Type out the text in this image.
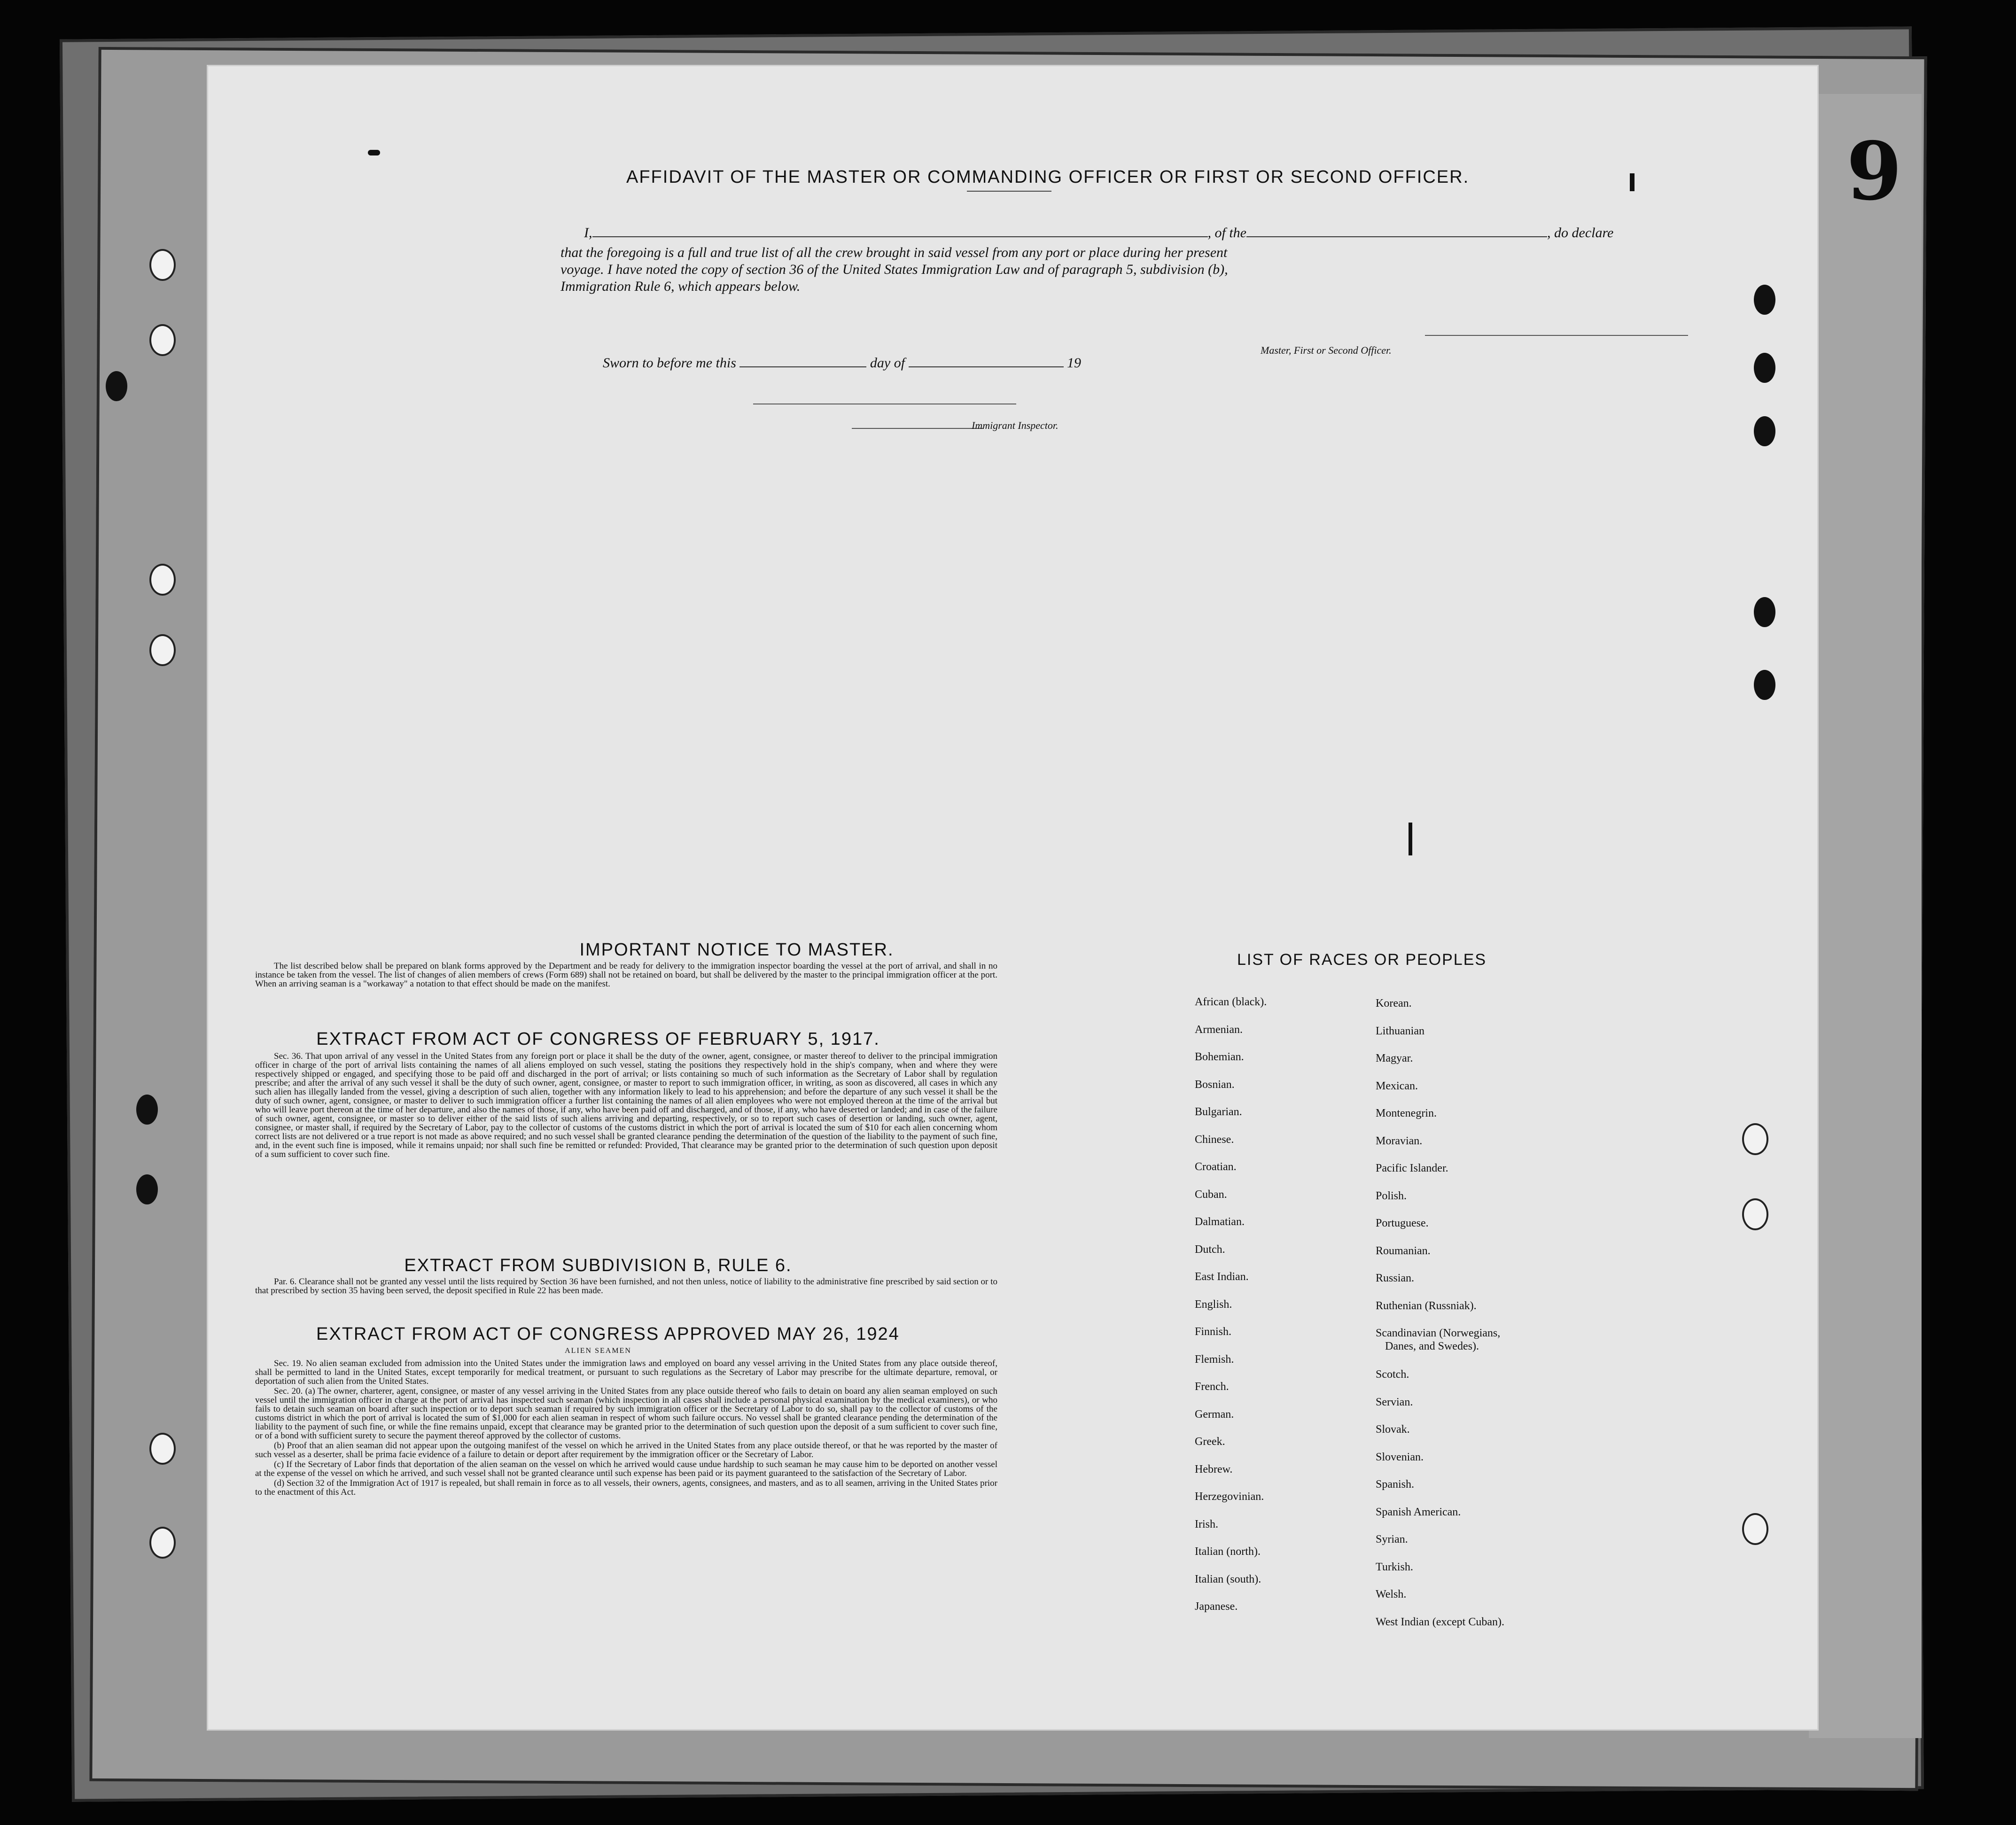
9
AFFIDAVIT OF THE MASTER OR COMMANDING OFFICER OR FIRST OR SECOND OFFICER.
I,	, of the	, do declare
that the foregoing is a full and true list of all the crew brought in said vessel from any port or place during her present
voyage. I have noted the copy of section 36 of the United States Immigration Law and of paragraph 5, subdivision (b),
Immigration Rule 6, which appears below.
Master, First or Second Officer.
Sworn to before me this	day of	19
Immigrant Inspector.
IMPORTANT NOTICE TO MASTER.

The list described below shall be prepared on blank forms approved by the Department and be ready for delivery to the immigration inspector boarding the vessel at the port of arrival, and shall in no instance be taken from the vessel. The list of changes of alien members of crews (Form 689) shall not be retained on board, but shall be delivered by the master to the principal immigration officer at the port. When an arriving seaman is a "workaway" a notation to that effect should be made on the manifest.

EXTRACT FROM ACT OF CONGRESS OF FEBRUARY 5, 1917.

Sec. 36. That upon arrival of any vessel in the United States from any foreign port or place it shall be the duty of the owner, agent, consignee, or master thereof to deliver to the principal immigration officer in charge of the port of arrival lists containing the names of all aliens employed on such vessel, stating the positions they respectively hold in the ship's company, when and where they were respectively shipped or engaged, and specifying those to be paid off and discharged in the port of arrival; or lists containing so much of such information as the Secretary of Labor shall by regulation prescribe; and after the arrival of any such vessel it shall be the duty of such owner, agent, consignee, or master to report to such immigration officer, in writing, as soon as discovered, all cases in which any such alien has illegally landed from the vessel, giving a description of such alien, together with any information likely to lead to his apprehension; and before the departure of any such vessel it shall be the duty of such owner, agent, consignee, or master to deliver to such immigration officer a further list containing the names of all alien employees who were not employed thereon at the time of the arrival but who will leave port thereon at the time of her departure, and also the names of those, if any, who have been paid off and discharged, and of those, if any, who have deserted or landed; and in case of the failure of such owner, agent, consignee, or master so to deliver either of the said lists of such aliens arriving and departing, respectively, or so to report such cases of desertion or landing, such owner, agent, consignee, or master shall, if required by the Secretary of Labor, pay to the collector of customs of the customs district in which the port of arrival is located the sum of $10 for each alien concerning whom correct lists are not delivered or a true report is not made as above required; and no such vessel shall be granted clearance pending the determination of the question of the liability to the payment of such fine, and, in the event such fine is imposed, while it remains unpaid; nor shall such fine be remitted or refunded: Provided, That clearance may be granted prior to the determination of such question upon deposit of a sum sufficient to cover such fine.

EXTRACT FROM SUBDIVISION B, RULE 6.

Par. 6. Clearance shall not be granted any vessel until the lists required by Section 36 have been furnished, and not then unless, notice of liability to the administrative fine prescribed by said section or to that prescribed by section 35 having been served, the deposit specified in Rule 22 has been made.

EXTRACT FROM ACT OF CONGRESS APPROVED MAY 26, 1924
ALIEN SEAMEN

Sec. 19. No alien seaman excluded from admission into the United States under the immigration laws and employed on board any vessel arriving in the United States from any place outside thereof, shall be permitted to land in the United States, except temporarily for medical treatment, or pursuant to such regulations as the Secretary of Labor may prescribe for the ultimate departure, removal, or deportation of such alien from the United States.

Sec. 20. (a) The owner, charterer, agent, consignee, or master of any vessel arriving in the United States from any place outside thereof who fails to detain on board any alien seaman employed on such vessel until the immigration officer in charge at the port of arrival has inspected such seaman (which inspection in all cases shall include a personal physical examination by the medical examiners), or who fails to detain such seaman on board after such inspection or to deport such seaman if required by such immigration officer or the Secretary of Labor to do so, shall pay to the collector of customs of the customs district in which the port of arrival is located the sum of $1,000 for each alien seaman in respect of whom such failure occurs. No vessel shall be granted clearance pending the determination of the liability to the payment of such fine, or while the fine remains unpaid, except that clearance may be granted prior to the determination of such question upon the deposit of a sum sufficient to cover such fine, or of a bond with sufficient surety to secure the payment thereof approved by the collector of customs.

(b) Proof that an alien seaman did not appear upon the outgoing manifest of the vessel on which he arrived in the United States from any place outside thereof, or that he was reported by the master of such vessel as a deserter, shall be prima facie evidence of a failure to detain or deport after requirement by the immigration officer or the Secretary of Labor.

(c) If the Secretary of Labor finds that deportation of the alien seaman on the vessel on which he arrived would cause undue hardship to such seaman he may cause him to be deported on another vessel at the expense of the vessel on which he arrived, and such vessel shall not be granted clearance until such expense has been paid or its payment guaranteed to the satisfaction of the Secretary of Labor.

(d) Section 32 of the Immigration Act of 1917 is repealed, but shall remain in force as to all vessels, their owners, agents, consignees, and masters, and as to all seamen, arriving in the United States prior to the enactment of this Act.

LIST OF RACES OR PEOPLES
African (black).
Armenian.
Bohemian.
Bosnian.
Bulgarian.
Chinese.
Croatian.
Cuban.
Dalmatian.
Dutch.
East Indian.
English.
Finnish.
Flemish.
French.
German.
Greek.
Hebrew.
Herzegovinian.
Irish.
Italian (north).
Italian (south).
Japanese.
Korean.
Lithuanian
Magyar.
Mexican.
Montenegrin.
Moravian.
Pacific Islander.
Polish.
Portuguese.
Roumanian.
Russian.
Ruthenian (Russniak).
Scandinavian (Norwegians,
Danes, and Swedes).
Scotch.
Servian.
Slovak.
Slovenian.
Spanish.
Spanish American.
Syrian.
Turkish.
Welsh.
West Indian (except Cuban).
